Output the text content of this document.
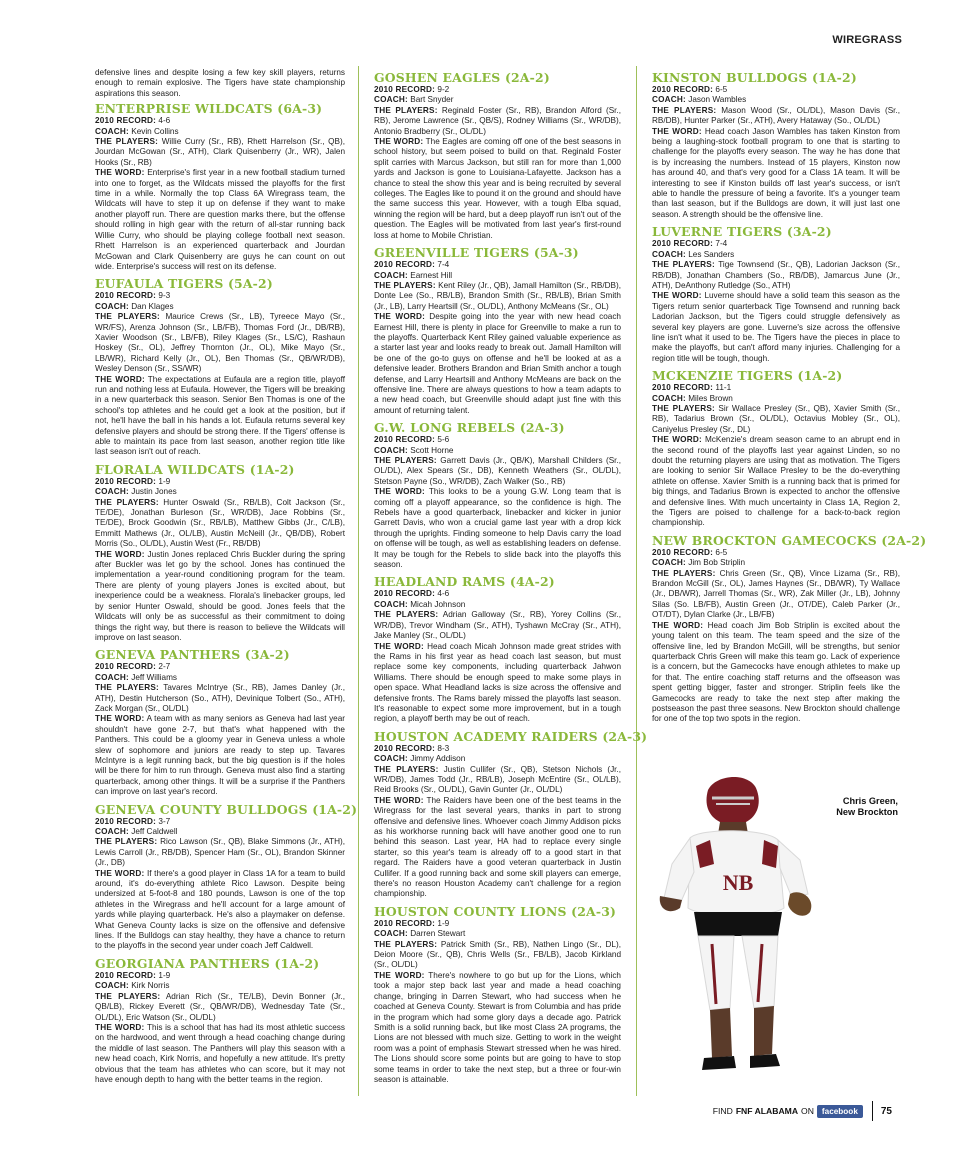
WIREGRASS

defensive lines and despite losing a few key skill players, returns enough to remain explosive. The Tigers have state championship aspirations this season.

ENTERPRISE WILDCATS (6A-3)
2010 RECORD: 4-6
COACH: Kevin Collins
THE PLAYERS: Willie Curry (Sr., RB), Rhett Harrelson (Sr., QB), Jourdan McGowan (Sr., ATH), Clark Quisenberry (Jr., WR), Jalen Hooks (Sr., RB)
THE WORD: Enterprise's first year in a new football stadium turned into one to forget, as the Wildcats missed the playoffs for the first time in a while. Normally the top Class 6A Wiregrass team, the Wildcats will have to step it up on defense if they want to make another playoff run. There are question marks there, but the offense should rolling in high gear with the return of all-star running back Willie Curry, who should be playing college football next season. Rhett Harrelson is an experienced quarterback and Jourdan McGowan and Clark Quisenberry are guys he can count on out wide. Enterprise's success will rest on its defense.
EUFAULA TIGERS (5A-2)
2010 RECORD: 9-3
COACH: Dan Klages
THE PLAYERS: Maurice Crews (Sr., LB), Tyreece Mayo (Sr., WR/FS), Arenza Johnson (Sr., LB/FB), Thomas Ford (Jr., DB/RB), Xavier Woodson (Sr., LB/FB), Riley Klages (Sr., LS/C), Rashaun Hoskey (Sr., OL), Jeffrey Thornton (Jr., OL), Mike Mayo (Sr., LB/WR), Richard Kelly (Jr., OL), Ben Thomas (Sr., QB/WR/DB), Wesley Denson (Sr., SS/WR)
THE WORD: The expectations at Eufaula are a region title, playoff run and nothing less at Eufaula. However, the Tigers will be breaking in a new quarterback this season. Senior Ben Thomas is one of the school's top athletes and he could get a look at the position, but if not, he'll have the ball in his hands a lot. Eufaula returns several key defensive players and should be strong there. If the Tigers' offense is able to maintain its pace from last season, another region title like last season isn't out of reach.
FLORALA WILDCATS (1A-2)
2010 RECORD: 1-9
COACH: Justin Jones
THE PLAYERS: Hunter Oswald (Sr., RB/LB), Colt Jackson (Sr., TE/DE), Jonathan Burleson (Sr., WR/DB), Jace Robbins (Sr., TE/DE), Brock Goodwin (Sr., RB/LB), Matthew Gibbs (Jr., C/LB), Emmitt Mathews (Jr., OL/LB), Austin McNeill (Jr., QB/DB), Robert Morris (So., OL/DL), Austin West (Fr., RB/DB)
THE WORD: Justin Jones replaced Chris Buckler during the spring after Buckler was let go by the school. Jones has continued the implementation a year-round conditioning program for the team. There are plenty of young players Jones is excited about, but inexperience could be a weakness. Florala's linebacker groups, led by senior Hunter Oswald, should be good. Jones feels that the Wildcats will only be as successful as their commitment to doing things the right way, but there is reason to believe the Wildcats will improve on last season.
GENEVA PANTHERS (3A-2)
2010 RECORD: 2-7
COACH: Jeff Williams
THE PLAYERS: Tavares McIntrye (Sr., RB), James Danley (Jr., ATH), Destin Hutcherson (So., ATH), Devinique Tolbert (So., ATH), Zack Morgan (Sr., OL/DL)
THE WORD: A team with as many seniors as Geneva had last year shouldn't have gone 2-7, but that's what happened with the Panthers. This could be a gloomy year in Geneva unless a whole slew of sophomore and juniors are ready to step up. Tavares McIntyre is a legit running back, but the big question is if the holes will be there for him to run through. Geneva must also find a starting quarterback, among other things. It will be a surprise if the Panthers can improve on last year's record.
GENEVA COUNTY BULLDOGS (1A-2)
2010 RECORD: 3-7
COACH: Jeff Caldwell
THE PLAYERS: Rico Lawson (Sr., QB), Blake Simmons (Jr., ATH), Lewis Carroll (Jr., RB/DB), Spencer Ham (Sr., OL), Brandon Skinner (Jr., DB)
THE WORD: If there's a good player in Class 1A for a team to build around, it's do-everything athlete Rico Lawson. Despite being undersized at 5-foot-8 and 180 pounds, Lawson is one of the top athletes in the Wiregrass and he'll account for a large amount of yards while playing quarterback. He's also a playmaker on defense. What Geneva County lacks is size on the offensive and defensive lines. If the Bulldogs can stay healthy, they have a chance to return to the playoffs in the second year under coach Jeff Caldwell.
GEORGIANA PANTHERS (1A-2)
2010 RECORD: 1-9
COACH: Kirk Norris
THE PLAYERS: Adrian Rich (Sr., TE/LB), Devin Bonner (Jr., QB/LB), Rickey Everett (Sr., QB/WR/DB), Wednesday Tate (Sr., OL/DL), Eric Watson (Sr., OL/DL)
THE WORD: This is a school that has had its most athletic success on the hardwood, and went through a head coaching change during the middle of last season. The Panthers will play this season with a new head coach, Kirk Norris, and hopefully a new attitude. It's pretty obvious that the team has athletes who can score, but it may not have enough depth to hang with the better teams in the region.
GOSHEN EAGLES (2A-2)
2010 RECORD: 9-2
COACH: Bart Snyder
THE PLAYERS: Reginald Foster (Sr., RB), Brandon Alford (Sr., RB), Jerome Lawrence (Sr., QB/S), Rodney Williams (Sr., WR/DB), Antonio Bradberry (Sr., OL/DL)
THE WORD: The Eagles are coming off one of the best seasons in school history, but seem poised to build on that. Reginald Foster split carries with Marcus Jackson, but still ran for more than 1,000 yards and Jackson is gone to Louisiana-Lafayette. Jackson has a chance to steal the show this year and is being recruited by several colleges. The Eagles like to pound it on the ground and should have the same success this year. However, with a tough Elba squad, winning the region will be hard, but a deep playoff run isn't out of the question. The Eagles will be motivated from last year's first-round loss at home to Mobile Christian.
GREENVILLE TIGERS (5A-3)
2010 RECORD: 7-4
COACH: Earnest Hill
THE PLAYERS: Kent Riley (Jr., QB), Jamall Hamilton (Sr., RB/DB), Donte Lee (So., RB/LB), Brandon Smith (Sr., RB/LB), Brian Smith (Jr., LB), Larry Heartsill (Sr., OL/DL), Anthony McMeans (Sr., OL)
THE WORD: Despite going into the year with new head coach Earnest Hill, there is plenty in place for Greenville to make a run to the playoffs. Quarterback Kent Riley gained valuable experience as a starter last year and looks ready to break out. Jamall Hamilton will be one of the go-to guys on offense and he'll be looked at as a defensive leader. Brothers Brandon and Brian Smith anchor a tough defense, and Larry Heartsill and Anthony McMeans are back on the offensive line. There are always questions to how a team adapts to a new head coach, but Greenville should adapt just fine with this amount of returning talent.
G.W. LONG REBELS (2A-3)
2010 RECORD: 5-6
COACH: Scott Horne
THE PLAYERS: Garrett Davis (Jr., QB/K), Marshall Childers (Sr., OL/DL), Alex Spears (Sr., DB), Kenneth Weathers (Sr., OL/DL), Stetson Payne (So., WR/DB), Zach Walker (So., RB)
THE WORD: This looks to be a young G.W. Long team that is coming off a playoff appearance, so the confidence is high. The Rebels have a good quarterback, linebacker and kicker in junior Garrett Davis, who won a crucial game last year with a drop kick through the uprights. Finding someone to help Davis carry the load on offense will be tough, as well as establishing leaders on defense. It may be tough for the Rebels to slide back into the playoffs this season.
HEADLAND RAMS (4A-2)
2010 RECORD: 4-6
COACH: Micah Johnson
THE PLAYERS: Adrian Galloway (Sr., RB), Yorey Collins (Sr., WR/DB), Trevor Windham (Sr., ATH), Tyshawn McCray (Sr., ATH), Jake Manley (Sr., OL/DL)
THE WORD: Head coach Micah Johnson made great strides with the Rams in his first year as head coach last season, but must replace some key components, including quarterback Jahwon Williams. There should be enough speed to make some plays in open space. What Headland lacks is size across the offensive and defensive fronts. The Rams barely missed the playoffs last season. It's reasonable to expect some more improvement, but in a tough region, a playoff berth may be out of reach.
HOUSTON ACADEMY RAIDERS (2A-3)
2010 RECORD: 8-3
COACH: Jimmy Addison
THE PLAYERS: Justin Cullifer (Sr., QB), Stetson Nichols (Jr., WR/DB), James Todd (Jr., RB/LB), Joseph McEntire (Sr., OL/LB), Reid Brooks (Sr., OL/DL), Gavin Gunter (Jr., OL/DL)
THE WORD: The Raiders have been one of the best teams in the Wiregrass for the last several years, thanks in part to strong offensive and defensive lines. Whoever coach Jimmy Addison picks as his workhorse running back will have another good one to run behind this season. Last year, HA had to replace every single starter, so this year's team is already off to a good start in that regard. The Raiders have a good veteran quarterback in Justin Cullifer. If a good running back and some skill players can emerge, there's no reason Houston Academy can't challenge for a region championship.
HOUSTON COUNTY LIONS (2A-3)
2010 RECORD: 1-9
COACH: Darren Stewart
THE PLAYERS: Patrick Smith (Sr., RB), Nathen Lingo (Sr., DL), Deion Moore (Sr., QB), Chris Wells (Sr., FB/LB), Jacob Kirkland (Sr., OL/DL)
THE WORD: There's nowhere to go but up for the Lions, which took a major step back last year and made a head coaching change, bringing in Darren Stewart, who had success when he coached at Geneva County. Stewart is from Columbia and has pride in the program which had some glory days a decade ago. Patrick Smith is a solid running back, but like most Class 2A programs, the Lions are not blessed with much size. Getting to work in the weight room was a point of emphasis Stewart stressed when he was hired. The Lions should score some points but are going to have to stop some teams in order to take the next step, but a three or four-win season is attainable.
KINSTON BULLDOGS (1A-2)
2010 RECORD: 6-5
COACH: Jason Wambles
THE PLAYERS: Mason Wood (Sr., OL/DL), Mason Davis (Sr., RB/DB), Hunter Parker (Sr., ATH), Avery Hataway (So., OL/DL)
THE WORD: Head coach Jason Wambles has taken Kinston from being a laughing-stock football program to one that is starting to challenge for the playoffs every season. The way he has done that is by increasing the numbers. Instead of 15 players, Kinston now has around 40, and that's very good for a Class 1A team. It will be interesting to see if Kinston builds off last year's success, or isn't able to handle the pressure of being a favorite. It's a younger team than last season, but if the Bulldogs are down, it will just last one season. A strength should be the offensive line.
LUVERNE TIGERS (3A-2)
2010 RECORD: 7-4
COACH: Les Sanders
THE PLAYERS: Tige Townsend (Sr., QB), Ladorian Jackson (Sr., RB/DB), Jonathan Chambers (So., RB/DB), Jamarcus June (Jr., ATH), DeAnthony Rutledge (So., ATH)
THE WORD: Luverne should have a solid team this season as the Tigers return senior quarterback Tige Townsend and running back Ladorian Jackson, but the Tigers could struggle defensively as several key players are gone. Luverne's size across the offensive line isn't what it used to be. The Tigers have the pieces in place to make the playoffs, but can't afford many injuries. Challenging for a region title will be tough, though.
MCKENZIE TIGERS (1A-2)
2010 RECORD: 11-1
COACH: Miles Brown
THE PLAYERS: Sir Wallace Presley (Sr., QB), Xavier Smith (Sr., RB), Tadarius Brown (Sr., OL/DL), Octavius Mobley (Sr., OL), Caniyelus Presley (Sr., DL)
THE WORD: McKenzie's dream season came to an abrupt end in the second round of the playoffs last year against Linden, so no doubt the returning players are using that as motivation. The Tigers are looking to senior Sir Wallace Presley to be the do-everything athlete on offense. Xavier Smith is a running back that is primed for big things, and Tadarius Brown is expected to anchor the offensive and defensive lines. With much uncertainty in Class 1A, Region 2, the Tigers are poised to challenge for a back-to-back region championship.
NEW BROCKTON GAMECOCKS (2A-2)
2010 RECORD: 6-5
COACH: Jim Bob Striplin
THE PLAYERS: Chris Green (Sr., QB), Vince Lizama (Sr., RB), Brandon McGill (Sr., OL), James Haynes (Sr., DB/WR), Ty Wallace (Jr., DB/WR), Jarrell Thomas (Sr., WR), Zak Miller (Jr., LB), Johnny Silas (So. LB/FB), Austin Green (Jr., OT/DE), Caleb Parker (Jr., OT/DT), Dylan Clarke (Jr., LB/FB)
THE WORD: Head coach Jim Bob Striplin is excited about the young talent on this team. The team speed and the size of the offensive line, led by Brandon McGill, will be strengths, but senior quarterback Chris Green will make this team go. Lack of experience is a concern, but the Gamecocks have enough athletes to make up for that. The entire coaching staff returns and the offseason was spent getting bigger, faster and stronger. Striplin feels like the Gamecocks are ready to take the next step after making the postseason the past three seasons. New Brockton should challenge for one of the top two spots in the region.
NB
Chris Green,
New Brockton
FIND FNF ALABAMA ON facebook	75
